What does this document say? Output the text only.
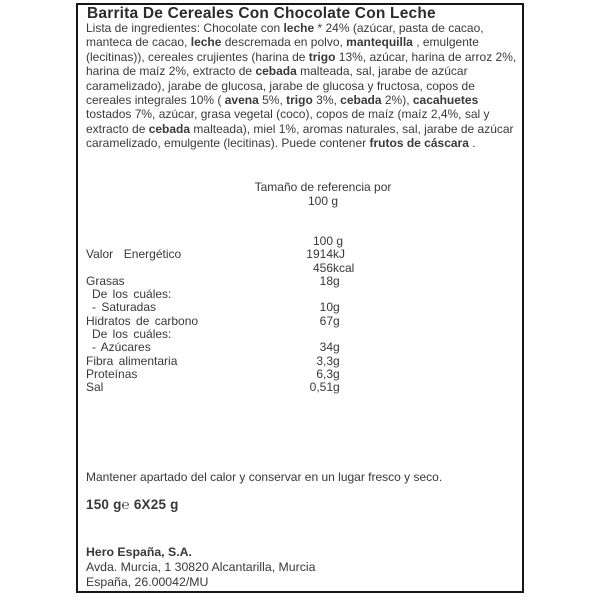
Barrita De Cereales Con Chocolate Con Leche
Lista de ingredientes: Chocolate con leche * 24% (azúcar, pasta de cacao, manteca de cacao, leche descremada en polvo, mantequilla , emulgente (lecitinas)), cereales crujientes (harina de trigo 13%, azúcar, harina de arroz 2%, harina de maíz 2%, extracto de cebada malteada, sal, jarabe de azúcar caramelizado), jarabe de glucosa, jarabe de glucosa y fructosa, copos de cereales integrales 10% ( avena 5%, trigo 3%, cebada 2%), cacahuetes tostados 7%, azúcar, grasa vegetal (coco), copos de maíz (maíz 2,4%, sal y extracto de cebada malteada), miel 1%, aromas naturales, sal, jarabe de azúcar caramelizado, emulgente (lecitinas). Puede contener frutos de cáscara .
Tamaño de referencia por
100 g
100 g
Valor  Energético	1914kJ
456kcal
Grasas	18g
De los cuáles:
- Saturadas	10g
Hidratos de carbono	67g
De los cuáles:
- Azúcares	34g
Fibra alimentaria	3,3g
Proteínas	6,3g
Sal	0,51g
Mantener apartado del calor y conservar en un lugar fresco y seco.
150 g℮ 6X25 g
Hero España, S.A.
Avda. Murcia, 1 30820 Alcantarilla, Murcia
España, 26.00042/MU
